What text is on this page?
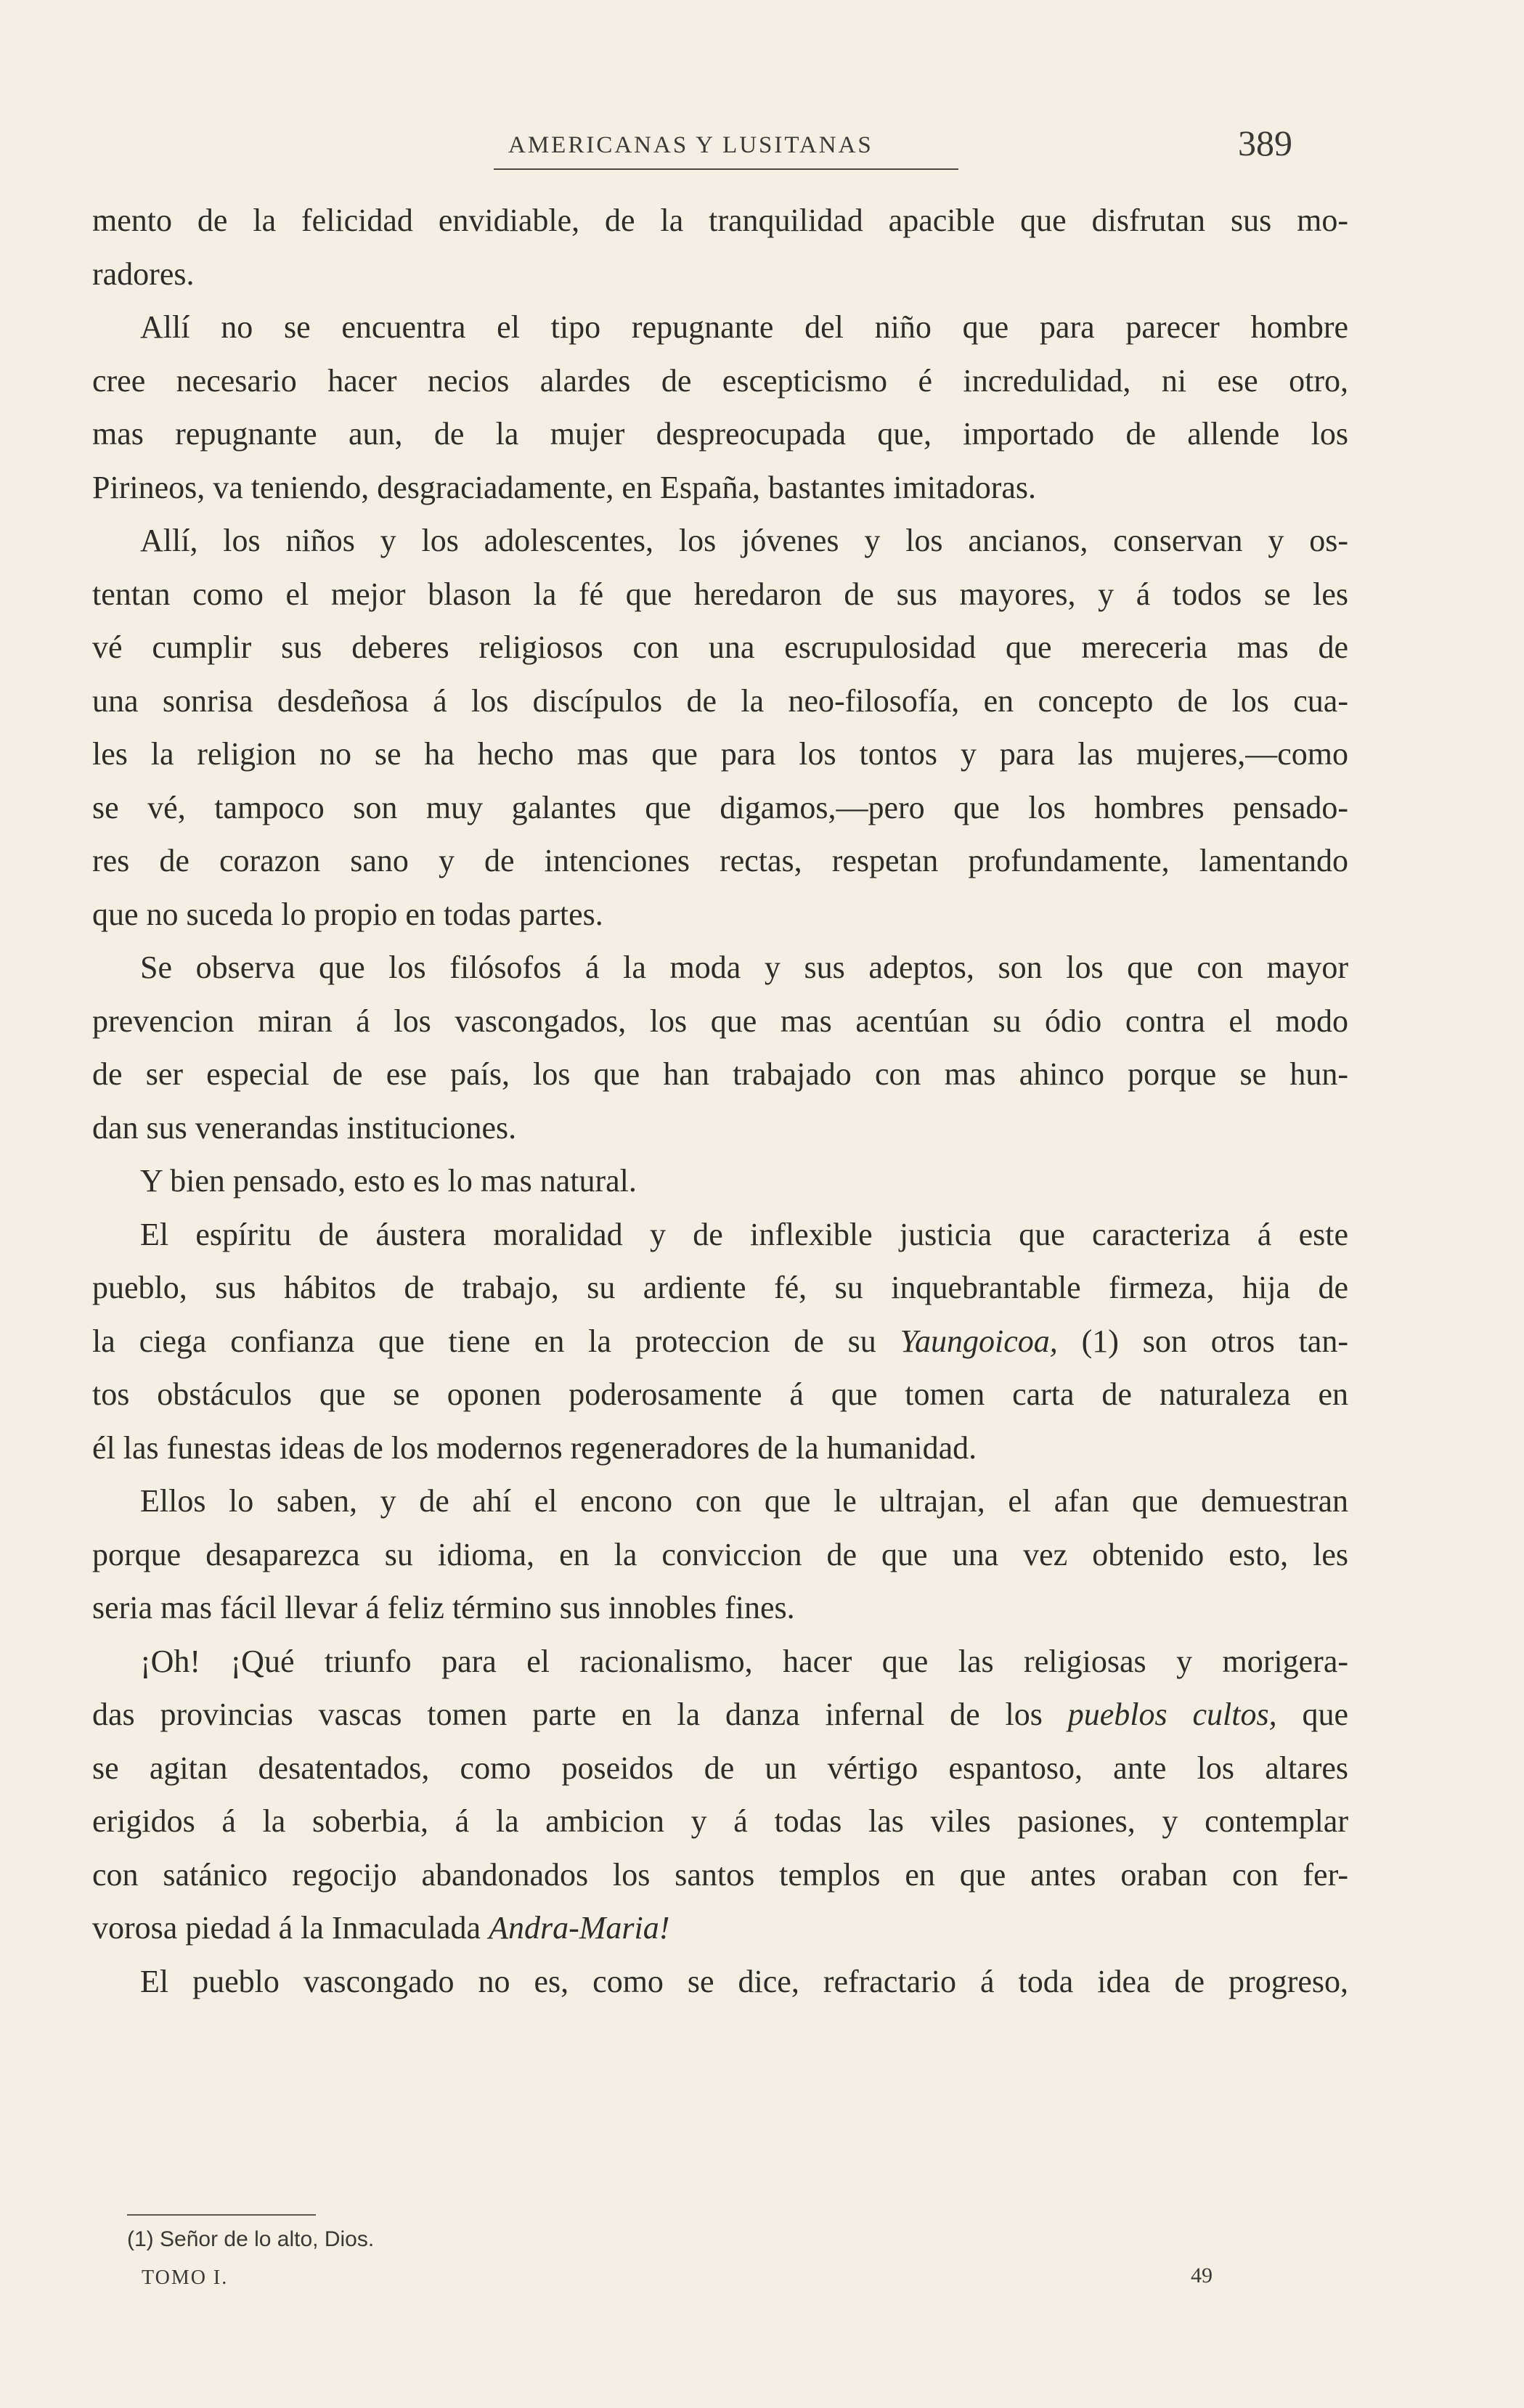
AMERICANAS Y LUSITANAS	389
mento de la felicidad envidiable, de la tranquilidad apacible que disfrutan sus mo-
radores.
Allí no se encuentra el tipo repugnante del niño que para parecer hombre
cree necesario hacer necios alardes de escepticismo é incredulidad, ni ese otro,
mas repugnante aun, de la mujer despreocupada que, importado de allende los
Pirineos, va teniendo, desgraciadamente, en España, bastantes imitadoras.
Allí, los niños y los adolescentes, los jóvenes y los ancianos, conservan y os-
tentan como el mejor blason la fé que heredaron de sus mayores, y á todos se les
vé cumplir sus deberes religiosos con una escrupulosidad que mereceria mas de
una sonrisa desdeñosa á los discípulos de la neo-filosofía, en concepto de los cua-
les la religion no se ha hecho mas que para los tontos y para las mujeres,—como
se vé, tampoco son muy galantes que digamos,—pero que los hombres pensado-
res de corazon sano y de intenciones rectas, respetan profundamente, lamentando
que no suceda lo propio en todas partes.
Se observa que los filósofos á la moda y sus adeptos, son los que con mayor
prevencion miran á los vascongados, los que mas acentúan su ódio contra el modo
de ser especial de ese país, los que han trabajado con mas ahinco porque se hun-
dan sus venerandas instituciones.
Y bien pensado, esto es lo mas natural.
El espíritu de áustera moralidad y de inflexible justicia que caracteriza á este
pueblo, sus hábitos de trabajo, su ardiente fé, su inquebrantable firmeza, hija de
la ciega confianza que tiene en la proteccion de su Yaungoicoa, (1) son otros tan-
tos obstáculos que se oponen poderosamente á que tomen carta de naturaleza en
él las funestas ideas de los modernos regeneradores de la humanidad.
Ellos lo saben, y de ahí el encono con que le ultrajan, el afan que demuestran
porque desaparezca su idioma, en la conviccion de que una vez obtenido esto, les
seria mas fácil llevar á feliz término sus innobles fines.
¡Oh! ¡Qué triunfo para el racionalismo, hacer que las religiosas y morigera-
das provincias vascas tomen parte en la danza infernal de los pueblos cultos, que
se agitan desatentados, como poseidos de un vértigo espantoso, ante los altares
erigidos á la soberbia, á la ambicion y á todas las viles pasiones, y contemplar
con satánico regocijo abandonados los santos templos en que antes oraban con fer-
vorosa piedad á la Inmaculada Andra-Maria!
El pueblo vascongado no es, como se dice, refractario á toda idea de progreso,
(1) Señor de lo alto, Dios.
TOMO I.	49
